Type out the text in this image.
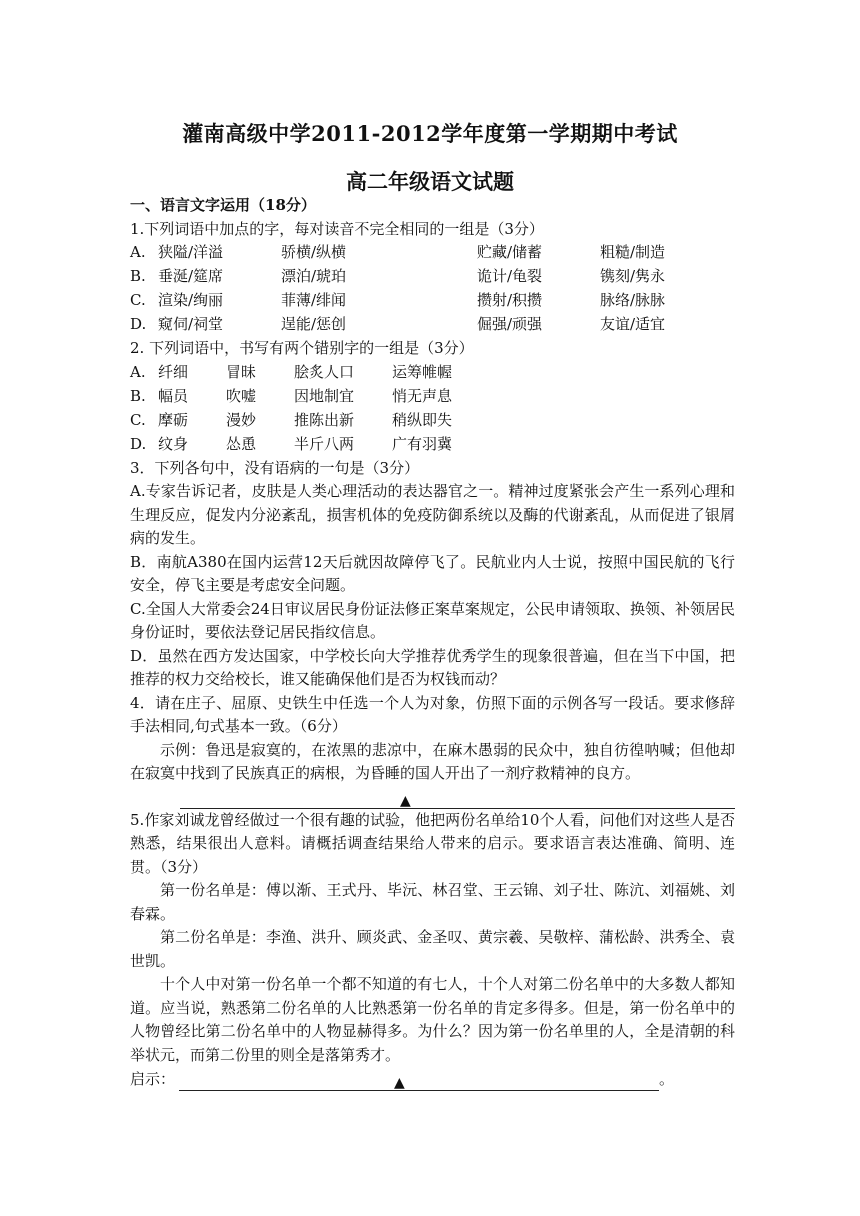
灌南高级中学2011-2012学年度第一学期期中考试
高二年级语文试题
一、语言文字运用（18分）
1.下列词语中加点的字，每对读音不完全相同的一组是（3分）
A. 狭隘/洋溢	骄横/纵横	贮藏/储蓄	粗糙/制造
B. 垂涎/筵席	漂泊/琥珀	诡计/龟裂	镌刻/隽永
C. 渲染/绚丽	菲薄/绯闻	攒射/积攒	脉络/脉脉
D. 窥伺/祠堂	逞能/惩创	倔强/顽强	友谊/适宜
2. 下列词语中，书写有两个错别字的一组是（3分）
A. 纤细	冒昧	脍炙人口	运筹帷幄
B. 幅员	吹嘘	因地制宜	悄无声息
C. 摩砺	漫妙	推陈出新	稍纵即失
D. 纹身	怂恿	半斤八两	广有羽冀
3．下列各句中，没有语病的一句是（3分）
A.专家告诉记者，皮肤是人类心理活动的表达器官之一。精神过度紧张会产生一系列心理和生理反应，促发内分泌紊乱，损害机体的免疫防御系统以及酶的代谢紊乱，从而促进了银屑病的发生。
B．南航A380在国内运营12天后就因故障停飞了。民航业内人士说，按照中国民航的飞行安全，停飞主要是考虑安全问题。
C.全国人大常委会24日审议居民身份证法修正案草案规定，公民申请领取、换领、补领居民身份证时，要依法登记居民指纹信息。
D．虽然在西方发达国家，中学校长向大学推荐优秀学生的现象很普遍，但在当下中国，把推荐的权力交给校长，谁又能确保他们是否为权钱而动？
4．请在庄子、屈原、史铁生中任选一个人为对象，仿照下面的示例各写一段话。要求修辞手法相同,句式基本一致。（6分）
示例：鲁迅是寂寞的，在浓黑的悲凉中，在麻木愚弱的民众中，独自彷徨呐喊；但他却在寂寞中找到了民族真正的病根，为昏睡的国人开出了一剂疗救精神的良方。
▲
5.作家刘诚龙曾经做过一个很有趣的试验，他把两份名单给10个人看，问他们对这些人是否熟悉，结果很出人意料。请概括调查结果给人带来的启示。要求语言表达准确、简明、连贯。（3分）
第一份名单是：傅以渐、王式丹、毕沅、林召堂、王云锦、刘子壮、陈沆、刘福姚、刘春霖。
第二份名单是：李渔、洪升、顾炎武、金圣叹、黄宗羲、吴敬梓、蒲松龄、洪秀全、袁世凯。
十个人中对第一份名单一个都不知道的有七人，十个人对第二份名单中的大多数人都知道。应当说，熟悉第二份名单的人比熟悉第一份名单的肯定多得多。但是，第一份名单中的人物曾经比第二份名单中的人物显赫得多。为什么？因为第一份名单里的人，全是清朝的科举状元，而第二份里的则全是落第秀才。
启示：	▲	。
